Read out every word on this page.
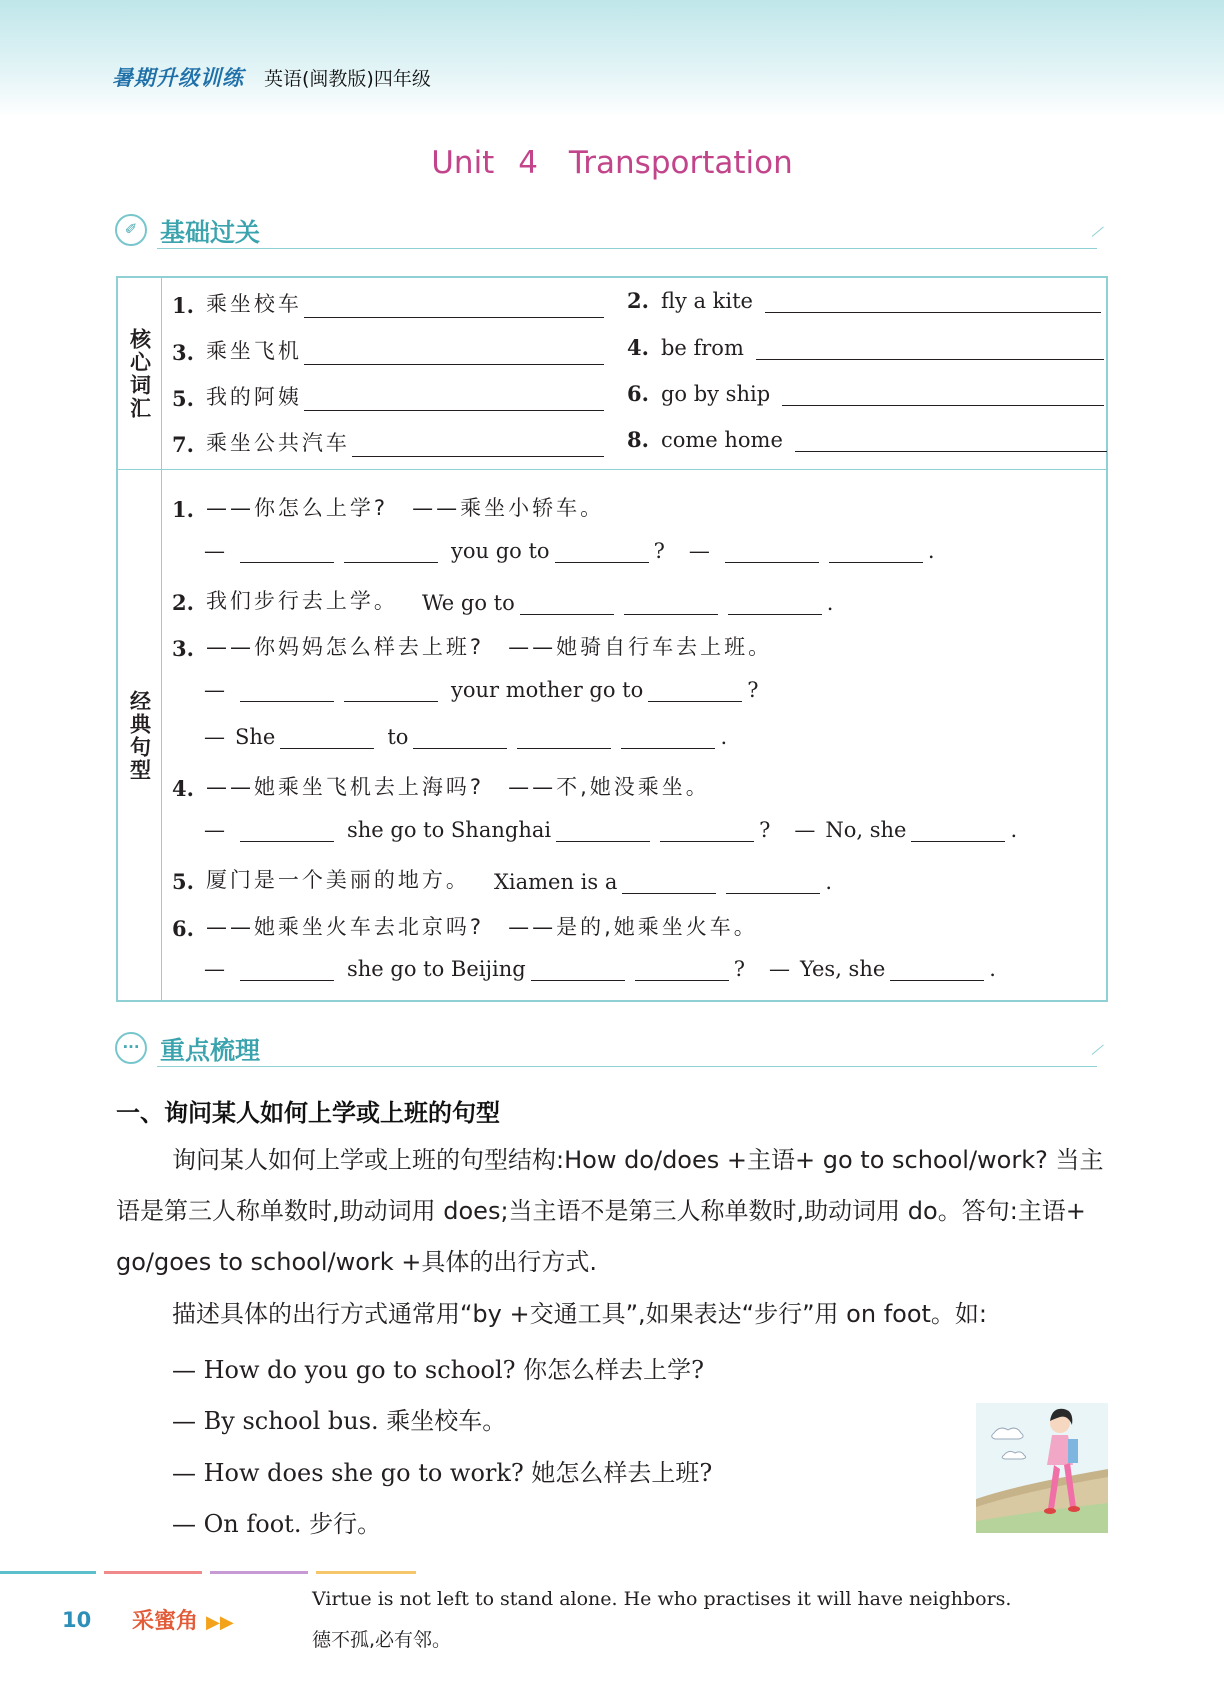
暑期升级训练 英语(闽教版)四年级
Unit 4　Transportation
✐ 基础过关
核心词汇
经典句型
1. 乘坐校车	2. fly a kite
3. 乘坐飞机	4. be from
5. 我的阿姨	6. go by ship
7. 乘坐公共汽车	8. come home
1. ——你怎么上学? ——乘坐小轿车。
—	you go to	? —	.
2. 我们步行去上学。 We go to	.
3. ——你妈妈怎么样去上班? ——她骑自行车去上班。
—	your mother go to	?
— She	to	.
4. ——她乘坐飞机去上海吗? ——不,她没乘坐。
—	she go to Shanghai	? — No, she	.
5. 厦门是一个美丽的地方。 Xiamen is a	.
6. ——她乘坐火车去北京吗? ——是的,她乘坐火车。
—	she go to Beijing	? — Yes, she	.
··· 重点梳理
一、询问某人如何上学或上班的句型
询问某人如何上学或上班的句型结构:How do/does +主语+ go to school/work? 当主语是第三人称单数时,助动词用 does;当主语不是第三人称单数时,助动词用 do。答句:主语+ go/goes to school/work +具体的出行方式.
描述具体的出行方式通常用“by +交通工具”,如果表达“步行”用 on foot。如:
— How do you go to school? 你怎么样去上学?
— By school bus. 乘坐校车。
— How does she go to work? 她怎么样去上班?
— On foot. 步行。
10 采蜜角 ▶▶
Virtue is not left to stand alone. He who practises it will have neighbors.
德不孤,必有邻。
